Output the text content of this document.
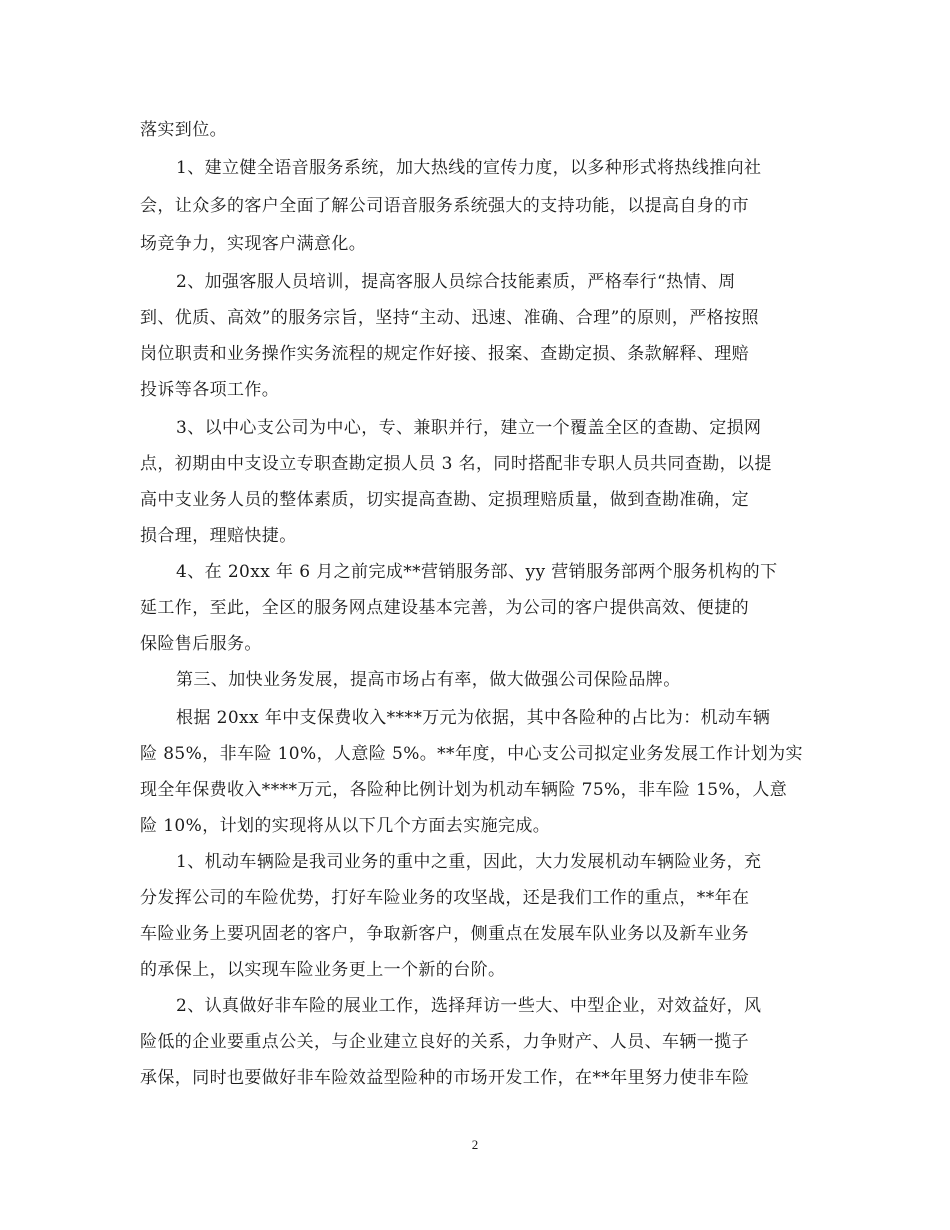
落实到位。
1、建立健全语音服务系统，加大热线的宣传力度，以多种形式将热线推向社
会，让众多的客户全面了解公司语音服务系统强大的支持功能，以提高自身的市
场竞争力，实现客户满意化。
2、加强客服人员培训，提高客服人员综合技能素质，严格奉行“热情、周
到、优质、高效”的服务宗旨，坚持“主动、迅速、准确、合理”的原则，严格按照
岗位职责和业务操作实务流程的规定作好接、报案、查勘定损、条款解释、理赔
投诉等各项工作。
3、以中心支公司为中心，专、兼职并行，建立一个覆盖全区的查勘、定损网
点，初期由中支设立专职查勘定损人员 3 名，同时搭配非专职人员共同查勘，以提
高中支业务人员的整体素质，切实提高查勘、定损理赔质量，做到查勘准确，定
损合理，理赔快捷。
4、在 20xx 年 6 月之前完成**营销服务部、yy 营销服务部两个服务机构的下
延工作，至此，全区的服务网点建设基本完善，为公司的客户提供高效、便捷的
保险售后服务。
第三、加快业务发展，提高市场占有率，做大做强公司保险品牌。
根据 20xx 年中支保费收入****万元为依据，其中各险种的占比为：机动车辆
险 85%，非车险 10%，人意险 5%。**年度，中心支公司拟定业务发展工作计划为实
现全年保费收入****万元，各险种比例计划为机动车辆险 75%，非车险 15%，人意
险 10%，计划的实现将从以下几个方面去实施完成。
1、机动车辆险是我司业务的重中之重，因此，大力发展机动车辆险业务，充
分发挥公司的车险优势，打好车险业务的攻坚战，还是我们工作的重点，**年在
车险业务上要巩固老的客户，争取新客户，侧重点在发展车队业务以及新车业务
的承保上，以实现车险业务更上一个新的台阶。
2、认真做好非车险的展业工作，选择拜访一些大、中型企业，对效益好，风
险低的企业要重点公关，与企业建立良好的关系，力争财产、人员、车辆一揽子
承保，同时也要做好非车险效益型险种的市场开发工作，在**年里努力使非车险
2
